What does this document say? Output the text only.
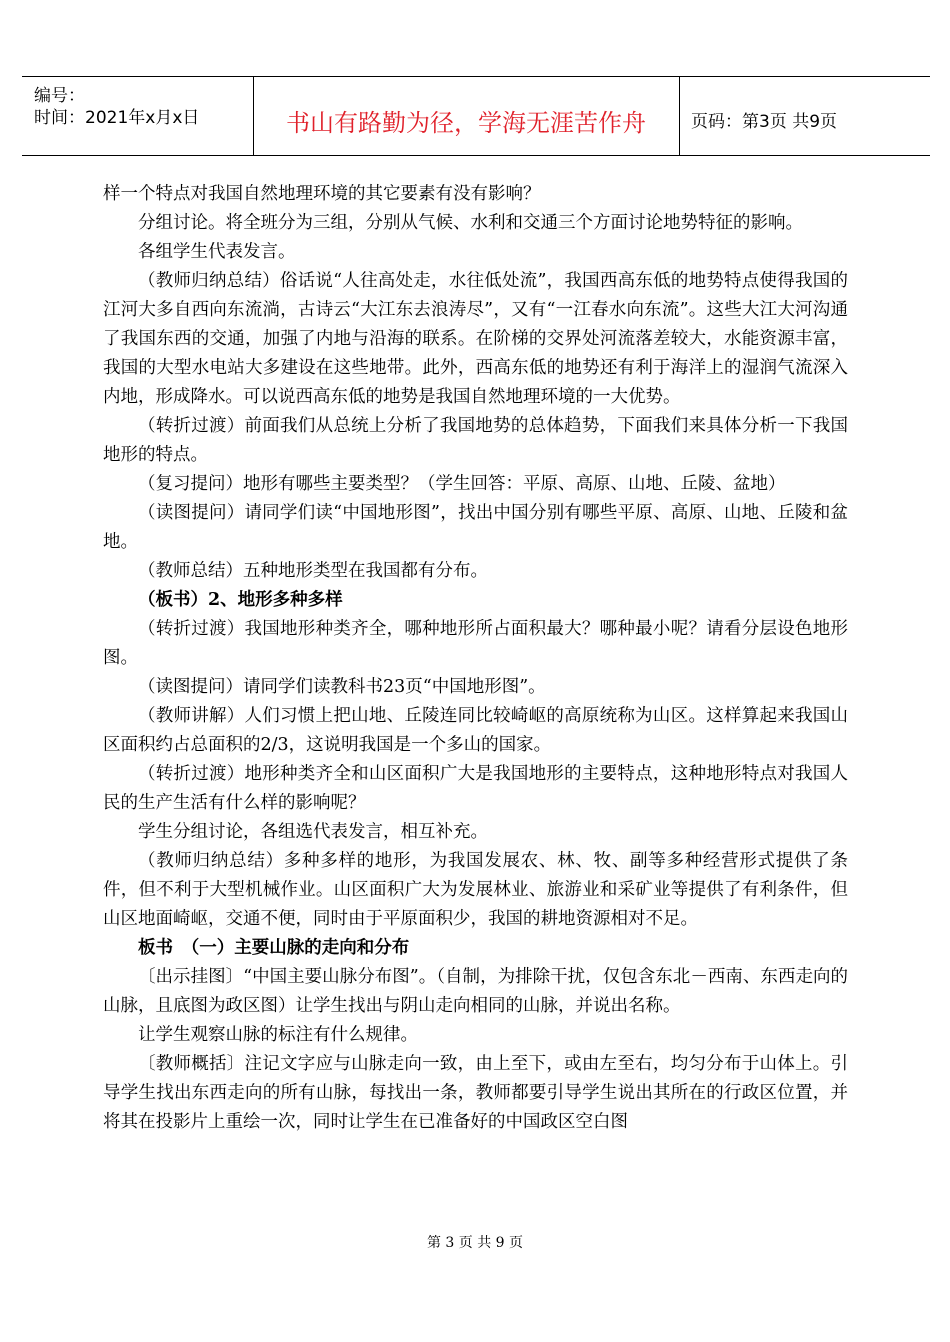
编号：
时间：2021年x月x日	书山有路勤为径，学海无涯苦作舟	页码：第3页 共9页

样一个特点对我国自然地理环境的其它要素有没有影响？

分组讨论。将全班分为三组，分别从气候、水利和交通三个方面讨论地势特征的影响。

各组学生代表发言。

（教师归纳总结）俗话说“人往高处走，水往低处流”，我国西高东低的地势特点使得我国的江河大多自西向东流淌，古诗云“大江东去浪涛尽”，又有“一江春水向东流”。这些大江大河沟通了我国东西的交通，加强了内地与沿海的联系。在阶梯的交界处河流落差较大，水能资源丰富，我国的大型水电站大多建设在这些地带。此外，西高东低的地势还有利于海洋上的湿润气流深入内地，形成降水。可以说西高东低的地势是我国自然地理环境的一大优势。

（转折过渡）前面我们从总统上分析了我国地势的总体趋势，下面我们来具体分析一下我国地形的特点。

（复习提问）地形有哪些主要类型？（学生回答：平原、高原、山地、丘陵、盆地）

（读图提问）请同学们读“中国地形图”，找出中国分别有哪些平原、高原、山地、丘陵和盆地。

（教师总结）五种地形类型在我国都有分布。

（板书）2、地形多种多样

（转折过渡）我国地形种类齐全，哪种地形所占面积最大？哪种最小呢？请看分层设色地形图。

（读图提问）请同学们读教科书23页“中国地形图”。

（教师讲解）人们习惯上把山地、丘陵连同比较崎岖的高原统称为山区。这样算起来我国山区面积约占总面积的2/3，这说明我国是一个多山的国家。

（转折过渡）地形种类齐全和山区面积广大是我国地形的主要特点，这种地形特点对我国人民的生产生活有什么样的影响呢？

学生分组讨论，各组选代表发言，相互补充。

（教师归纳总结）多种多样的地形，为我国发展农、林、牧、副等多种经营形式提供了条件，但不利于大型机械作业。山区面积广大为发展林业、旅游业和采矿业等提供了有利条件，但山区地面崎岖，交通不便，同时由于平原面积少，我国的耕地资源相对不足。

板书　（一）主要山脉的走向和分布

〔出示挂图〕“中国主要山脉分布图”。（自制，为排除干扰，仅包含东北－西南、东西走向的山脉，且底图为政区图）让学生找出与阴山走向相同的山脉，并说出名称。

让学生观察山脉的标注有什么规律。

〔教师概括〕注记文字应与山脉走向一致，由上至下，或由左至右，均匀分布于山体上。引导学生找出东西走向的所有山脉，每找出一条，教师都要引导学生说出其所在的行政区位置，并将其在投影片上重绘一次，同时让学生在已准备好的中国政区空白图

第 3 页 共 9 页
